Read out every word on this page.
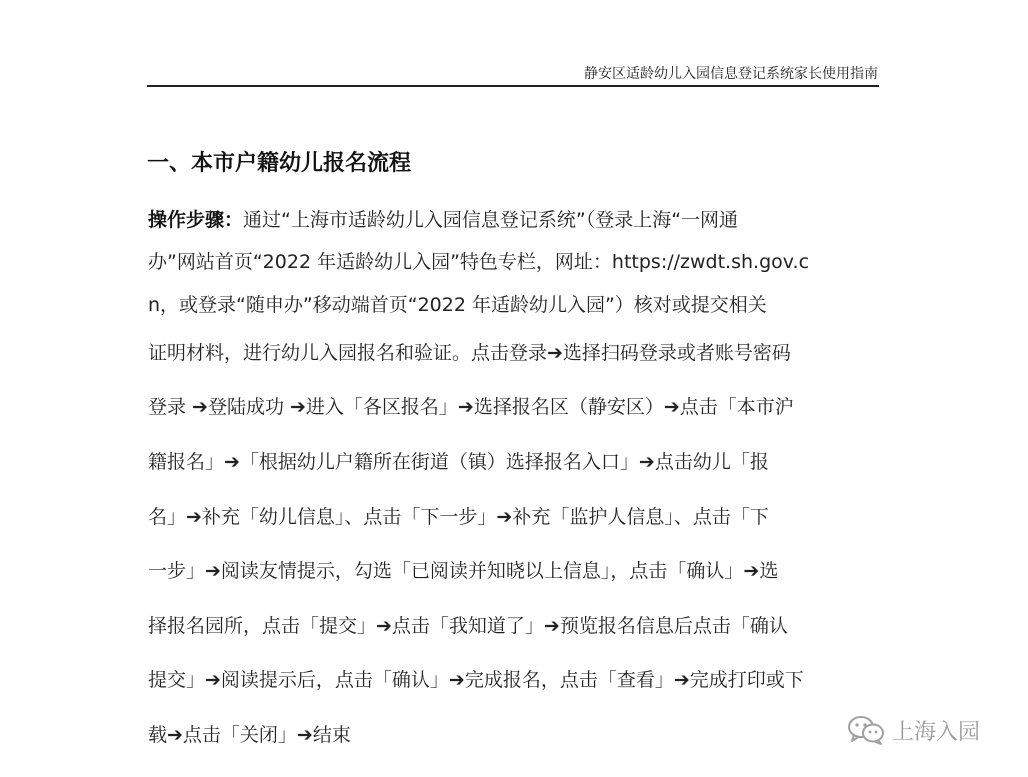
静安区适龄幼儿入园信息登记系统家长使用指南
一、本市户籍幼儿报名流程
操作步骤：通过“上海市适龄幼儿入园信息登记系统”（登录上海“一网通
办”网站首页“2022 年适龄幼儿入园”特色专栏，网址：https://zwdt.sh.gov.c
n，或登录“随申办”移动端首页“2022 年适龄幼儿入园”）核对或提交相关
证明材料，进行幼儿入园报名和验证。点击登录➔选择扫码登录或者账号密码
登录 ➔登陆成功 ➔进入「各区报名」➔选择报名区（静安区）➔点击「本市沪
籍报名」➔「根据幼儿户籍所在街道（镇）选择报名入口」➔点击幼儿「报
名」➔补充「幼儿信息」、点击「下一步」➔补充「监护人信息」、点击「下
一步」➔阅读友情提示，勾选「已阅读并知晓以上信息」，点击「确认」➔选
择报名园所，点击「提交」➔点击「我知道了」➔预览报名信息后点击「确认
提交」➔阅读提示后，点击「确认」➔完成报名，点击「查看」➔完成打印或下
载➔点击「关闭」➔结束	上海入园
